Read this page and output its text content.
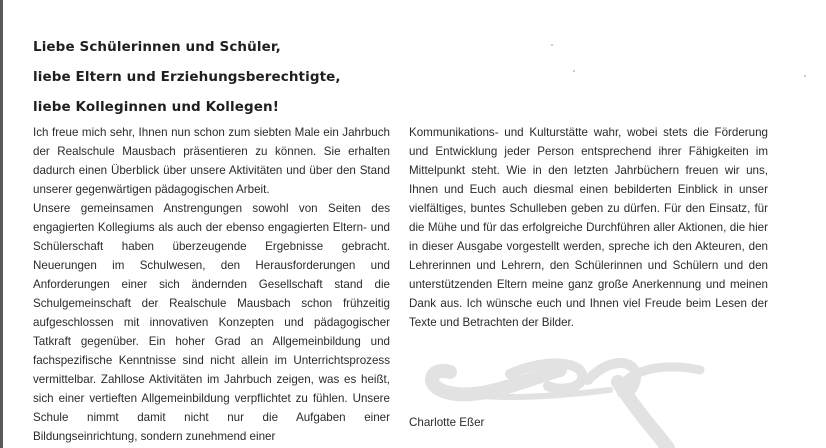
Liebe Schülerinnen und Schüler,
liebe Eltern und Erziehungsberechtigte,
liebe Kolleginnen und Kollegen!

Ich freue mich sehr, Ihnen nun schon zum siebten Male ein Jahrbuch der Realschule Mausbach präsentieren zu können. Sie erhalten dadurch einen Überblick über unsere Aktivitäten und über den Stand unserer gegenwärtigen pädagogischen Arbeit.

Unsere gemeinsamen Anstrengungen sowohl von Seiten des engagierten Kollegiums als auch der ebenso engagierten Eltern- und Schülerschaft haben überzeugende Ergebnisse gebracht. Neuerungen im Schulwesen, den Herausforderungen und Anforderungen einer sich ändernden Gesellschaft stand die Schulgemeinschaft der Realschule Mausbach schon frühzeitig aufgeschlossen mit innovativen Konzepten und pädagogischer Tatkraft gegenüber. Ein hoher Grad an Allgemeinbildung und fachspezifische Kenntnisse sind nicht allein im Unterrichtsprozess vermittelbar. Zahllose Aktivitäten im Jahrbuch zeigen, was es heißt, sich einer vertieften Allgemeinbildung verpflichtet zu fühlen. Unsere Schule nimmt damit nicht nur die Aufgaben einer Bildungseinrichtung, sondern zunehmend einer

Kommunikations- und Kulturstätte wahr, wobei stets die Förderung und Entwicklung jeder Person entsprechend ihrer Fähigkeiten im Mittelpunkt steht. Wie in den letzten Jahrbüchern freuen wir uns, Ihnen und Euch auch diesmal einen bebilderten Einblick in unser vielfältiges, buntes Schulleben geben zu dürfen. Für den Einsatz, für die Mühe und für das erfolgreiche Durchführen aller Aktionen, die hier in dieser Ausgabe vorgestellt werden, spreche ich den Akteuren, den Lehrerinnen und Lehrern, den Schülerinnen und Schülern und den unterstützenden Eltern meine ganz große Anerkennung und meinen Dank aus. Ich wünsche euch und Ihnen viel Freude beim Lesen der Texte und Betrachten der Bilder.

Charlotte Eßer
